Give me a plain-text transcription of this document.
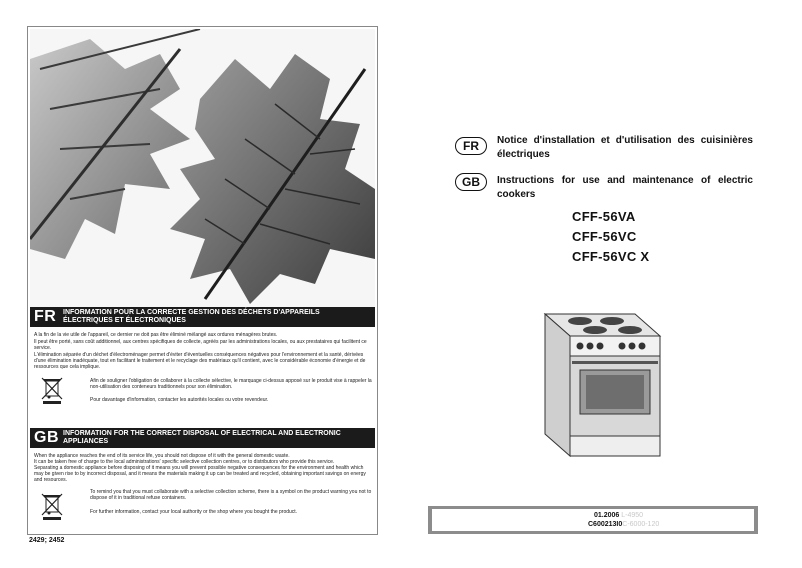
FR INFORMATION POUR LA CORRECTE GESTION DES DÉCHETS D'APPAREILS ÉLECTRIQUES ET ÉLECTRONIQUES
A la fin de la vie utile de l'appareil, ce dernier ne doit pas être éliminé mélangé aux ordures ménagères brutes.
Il peut être porté, sans coût additionnel, aux centres spécifiques de collecte, agréés par les administrations locales, ou aux prestataires qui facilitent ce service.
L'élimination séparée d'un déchet d'électroménager permet d'éviter d'éventuelles conséquences négatives pour l'environnement et la santé, dérivées d'une élimination inadéquate, tout en facilitant le traitement et le recyclage des matériaux qu'il contient, avec le considérable économie d'énergie et de ressources que cela implique.
Afin de souligner l'obligation de collaborer à la collecte sélective, le marquage ci-dessus apposé sur le produit vise à rappeler la non-utilisation des conteneurs traditionnels pour son élimination.
Pour davantage d'information, contacter les autorités locales ou votre revendeur.
GB INFORMATION FOR THE CORRECT DISPOSAL OF ELECTRICAL AND ELECTRONIC APPLIANCES
When the appliance reaches the end of its service life, you should not dispose of it with the general domestic waste.
It can be taken free of charge to the local administrations' specific selective collection centres, or to distributors who provide this service.
Separating a domestic appliance before disposing of it means you will prevent possible negative consequences for the environment and health which may be given rise to by incorrect disposal, and it means the materials making it up can be treated and recycled, obtaining important savings on energy and resources.
To remind you that you must collaborate with a selective collection scheme, there is a symbol on the product warning you not to dispose of it in traditional refuse containers.
For further information, contact your local authority or the shop where you bought the product.
2429; 2452
FR	Notice d'installation et d'utilisation des cuisinières électriques
GB	Instructions for use and maintenance of electric cookers
CFF-56VA
CFF-56VC
CFF-56VC X
01.2006 L-4950
C600213I0C-6000-120
